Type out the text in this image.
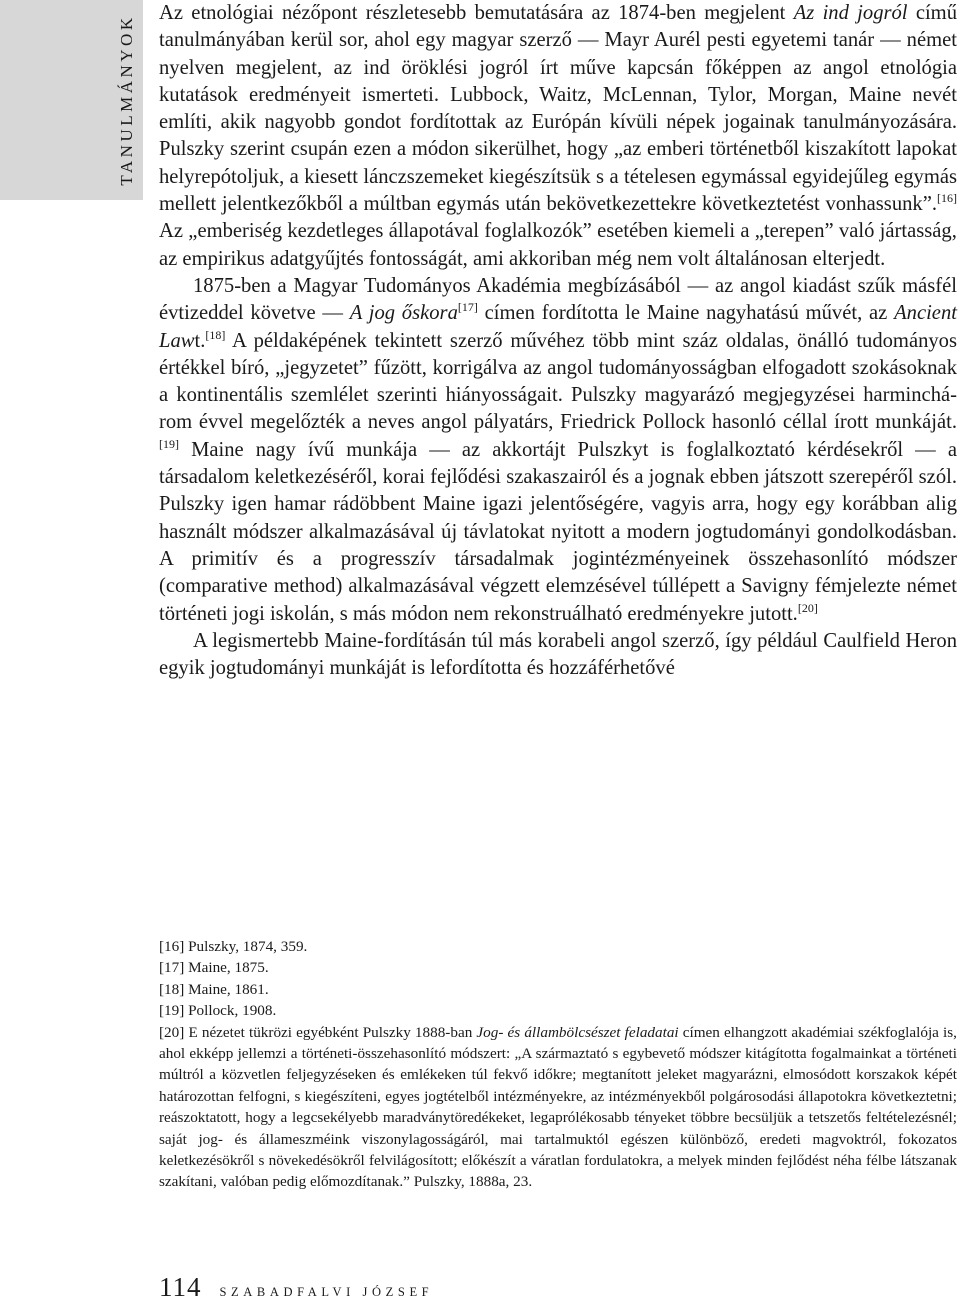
TANULMÁNYOK

Az etnológiai nézőpont részletesebb bemutatására az 1874-ben megjelent Az ind jogról című tanulmányában kerül sor, ahol egy magyar szerző — Mayr Aurél pesti egyetemi tanár — német nyelven megjelent, az ind öröklési jogról írt műve kapcsán főképpen az angol etnológia kutatások eredményeit ismerteti. Lubbock, Waitz, McLennan, Tylor, Morgan, Maine nevét említi, akik nagyobb gondot fordítottak az Európán kívüli népek jogainak tanulmányozására. Pulszky szerint csupán ezen a módon sikerülhet, hogy „az emberi történetből kiszakított lapokat helyrepótoljuk, a kiesett lánczszemeket kiegészítsük s a tételesen egymással egyidejűleg egymás mellett jelentkezőkből a múltban egymás után bekövetkezettekre következtetést vonhassunk”.[16] Az „emberiség kezdetleges állapotával foglalkozók” esetében kiemeli a „terepen” való jártasság, az empirikus adatgyűjtés fontosságát, ami akkoriban még nem volt általánosan elterjedt.

1875-ben a Magyar Tudományos Akadémia megbízásából — az angol kiadást szűk másfél évtizeddel követve — A jog őskora[17] címen fordította le Maine nagyhatású művét, az Ancient Lawt.[18] A példaképének tekintett szerző művéhez több mint száz oldalas, önálló tudományos értékkel bíró, „jegyzetet” fűzött, korrigálva az angol tudományosságban elfogadott szokásoknak a kontinentális szemlélet szerinti hiányosságait. Pulszky magyarázó megjegyzései harminchárom évvel megelőzték a neves angol pályatárs, Friedrick Pollock hasonló céllal írott munkáját.[19] Maine nagy ívű munkája — az akkortájt Pulszkyt is foglalkoztató kérdésekről — a társadalom keletkezéséről, korai fejlődési szakaszairól és a jognak ebben játszott szerepéről szól. Pulszky igen hamar rádöbbent Maine igazi jelentőségére, vagyis arra, hogy egy korábban alig használt módszer alkalmazásával új távlatokat nyitott a modern jogtudományi gondolkodásban. A primitív és a progresszív társadalmak jogintézményeinek összehasonlító módszer (comparative method) alkalmazásával végzett elemzésével túllépett a Savigny fémjelezte német történeti jogi iskolán, s más módon nem rekonstruálható eredményekre jutott.[20]

A legismertebb Maine-fordításán túl más korabeli angol szerző, így például Caulfield Heron egyik jogtudományi munkáját is lefordította és hozzáférhetővé

[16] Pulszky, 1874, 359.

[17] Maine, 1875.

[18] Maine, 1861.

[19] Pollock, 1908.

[20] E nézetet tükrözi egyébként Pulszky 1888-ban Jog- és állambölcsészet feladatai címen elhangzott akadémiai székfoglalója is, ahol ekképp jellemzi a történeti-összehasonlító módszert: „A származtató s egybevető módszer kitágította fogalmainkat a történeti múltról a közvetlen feljegyzéseken és emlékeken túl fekvő időkre; megtanított jeleket magyarázni, elmosódott korszakok képét határozottan felfogni, s kiegészíteni, egyes jogtételből intézményekre, az intézményekből polgárosodási állapotokra következtetni; reászoktatott, hogy a legcsekélyebb maradványtöredékeket, legaprólékosabb tényeket többre becsüljük a tetszetős feltételezésnél; saját jog- és állameszméink viszonylagosságáról, mai tartalmuktól egészen különböző, eredeti magvoktról, fokozatos keletkezésökről s növekedésökről felvilágosított; előkészít a váratlan fordulatokra, a melyek minden fejlődést néha félbe látszanak szakítani, valóban pedig előmozdítanak.” Pulszky, 1888a, 23.

114 SZABADFALVI JÓZSEF
